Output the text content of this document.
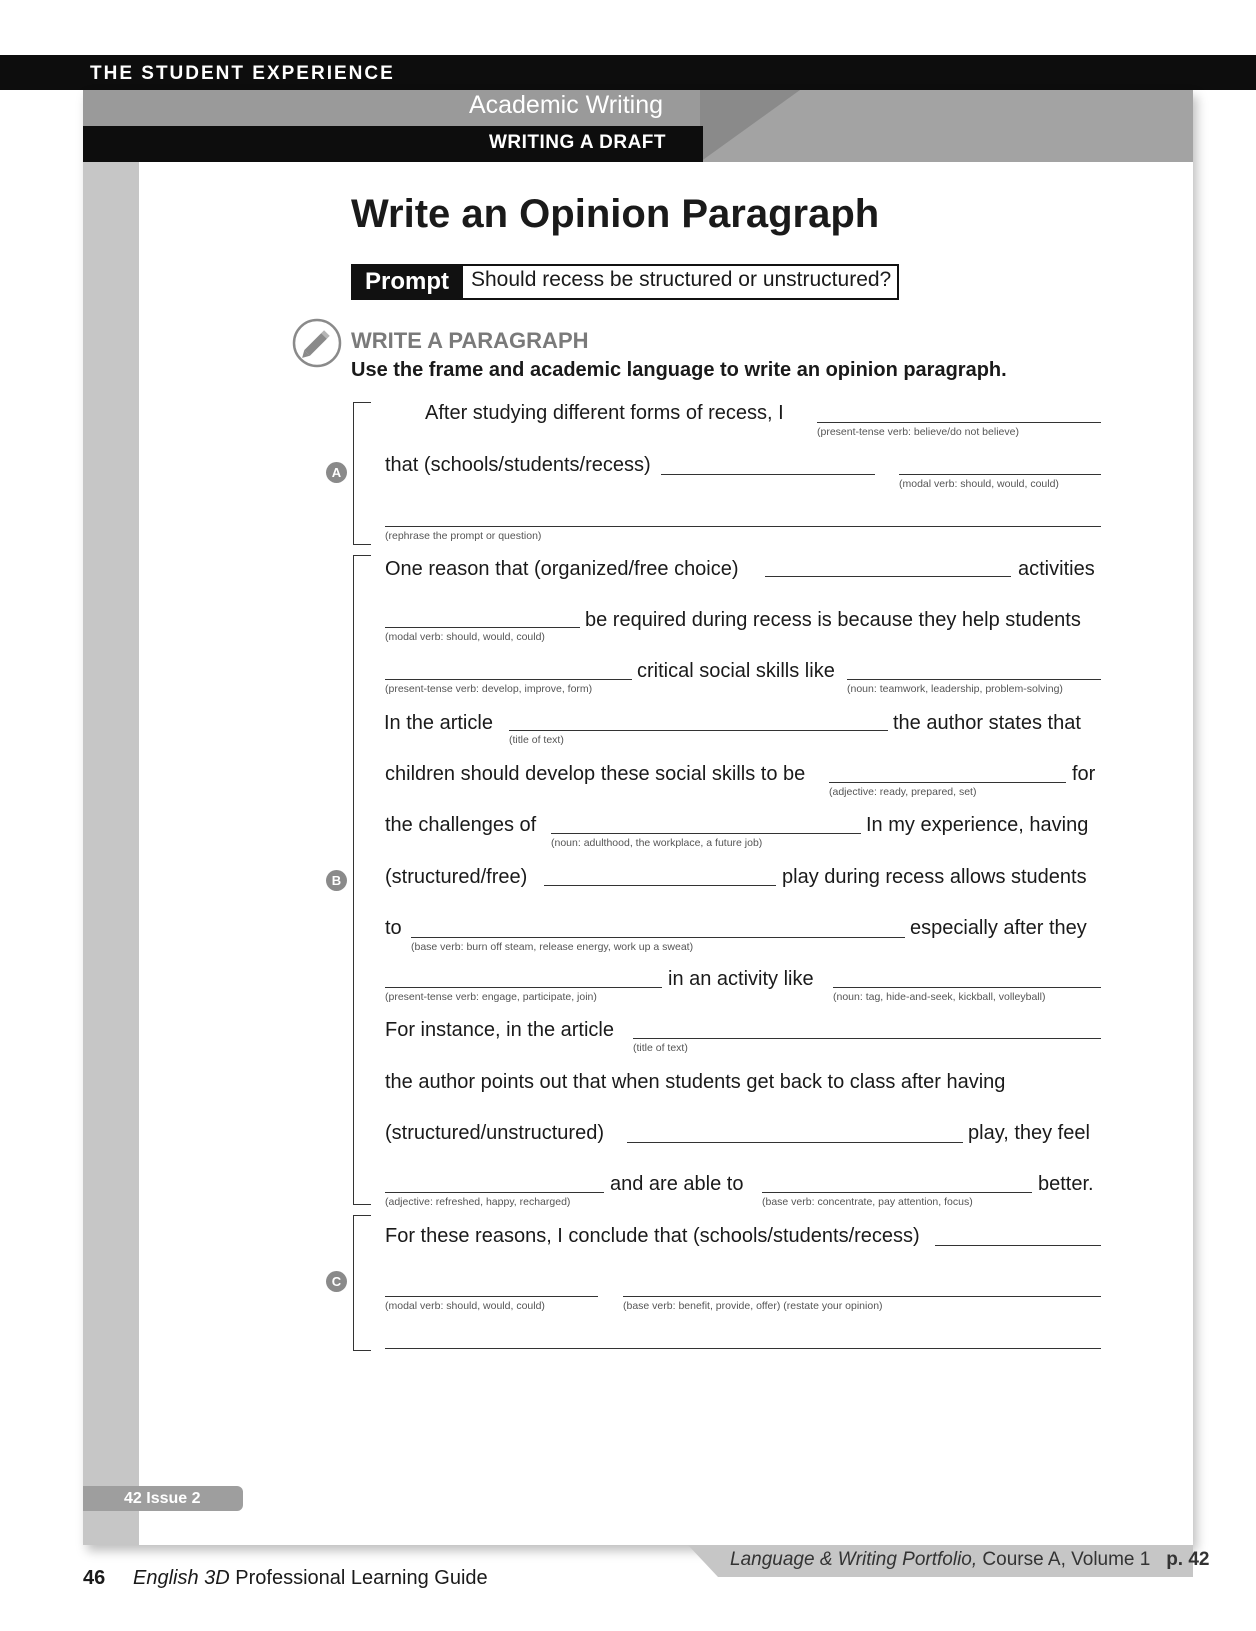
THE STUDENT EXPERIENCE
Academic Writing
WRITING A DRAFT
42 Issue 2
Write an Opinion Paragraph
Prompt	Should recess be structured or unstructured?
WRITE A PARAGRAPH
Use the frame and academic language to write an opinion paragraph.
A
B
C
After studying different forms of recess, I
(present-tense verb: believe/do not believe)
that (schools/students/recess)
(modal verb: should, would, could)
(rephrase the prompt or question)
One reason that (organized/free choice)	activities
be required during recess is because they help students
(modal verb: should, would, could)
critical social skills like
(present-tense verb: develop, improve, form)	(noun: teamwork, leadership, problem-solving)
In the article	the author states that
(title of text)
children should develop these social skills to be	for
(adjective: ready, prepared, set)
the challenges of	In my experience, having
(noun: adulthood, the workplace, a future job)
(structured/free)	play during recess allows students
to	especially after they
(base verb: burn off steam, release energy, work up a sweat)
in an activity like
(present-tense verb: engage, participate, join)	(noun: tag, hide-and-seek, kickball, volleyball)
For instance, in the article
(title of text)
the author points out that when students get back to class after having
(structured/unstructured)	play, they feel
and are able to	better.
(adjective: refreshed, happy, recharged)	(base verb: concentrate, pay attention, focus)
For these reasons, I conclude that (schools/students/recess)
(modal verb: should, would, could)	(base verb: benefit, provide, offer) (restate your opinion)
Language & Writing Portfolio, Course A, Volume 1 p. 42
46 English 3D Professional Learning Guide
